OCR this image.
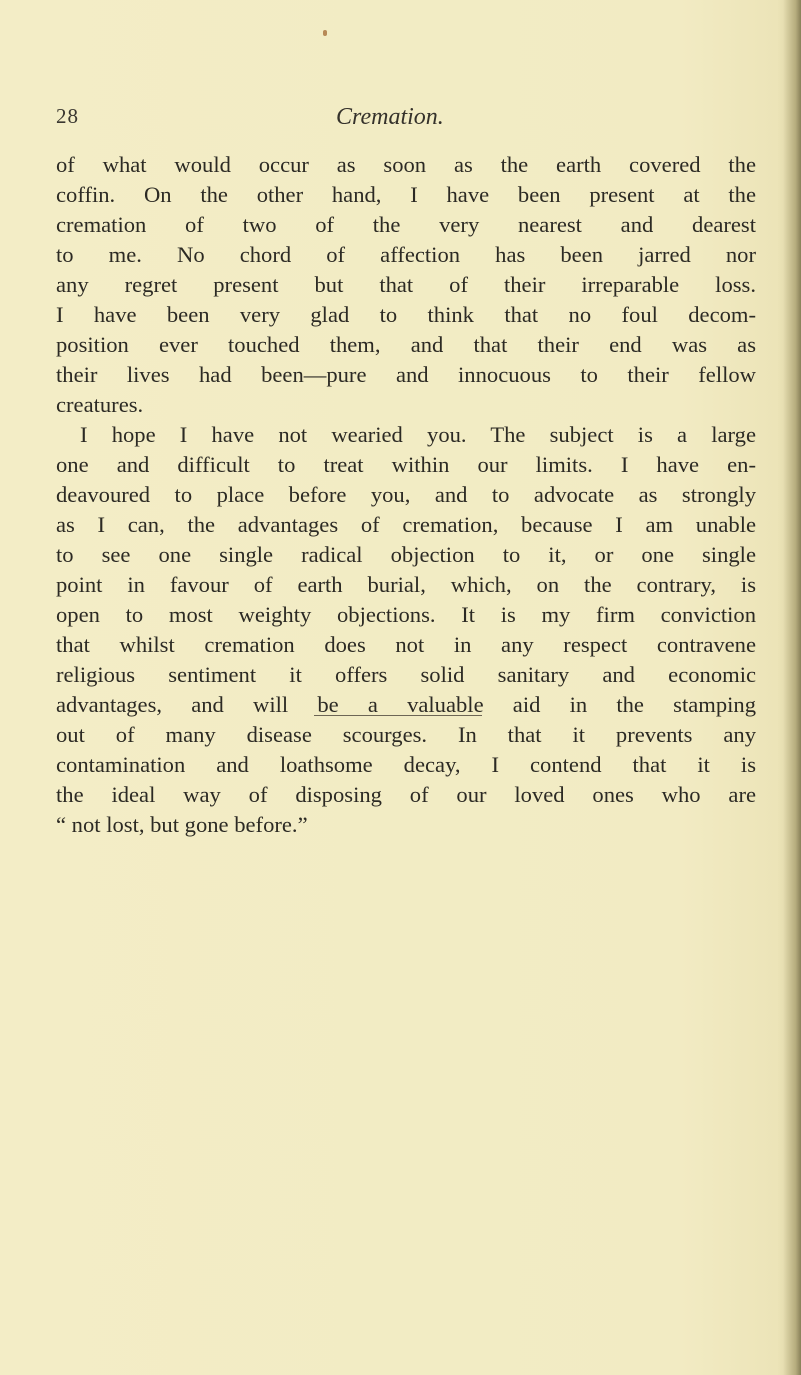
28	Cremation.
of what would occur as soon as the earth covered the
coffin. On the other hand, I have been present at the
cremation of two of the very nearest and dearest
to me. No chord of affection has been jarred nor
any regret present but that of their irreparable loss.
I have been very glad to think that no foul decom-
position ever touched them, and that their end was as
their lives had been—pure and innocuous to their fellow
creatures.
I hope I have not wearied you. The subject is a large
one and difficult to treat within our limits. I have en-
deavoured to place before you, and to advocate as strongly
as I can, the advantages of cremation, because I am unable
to see one single radical objection to it, or one single
point in favour of earth burial, which, on the contrary, is
open to most weighty objections. It is my firm conviction
that whilst cremation does not in any respect contravene
religious sentiment it offers solid sanitary and economic
advantages, and will be a valuable aid in the stamping
out of many disease scourges. In that it prevents any
contamination and loathsome decay, I contend that it is
the ideal way of disposing of our loved ones who are
“ not lost, but gone before.”
